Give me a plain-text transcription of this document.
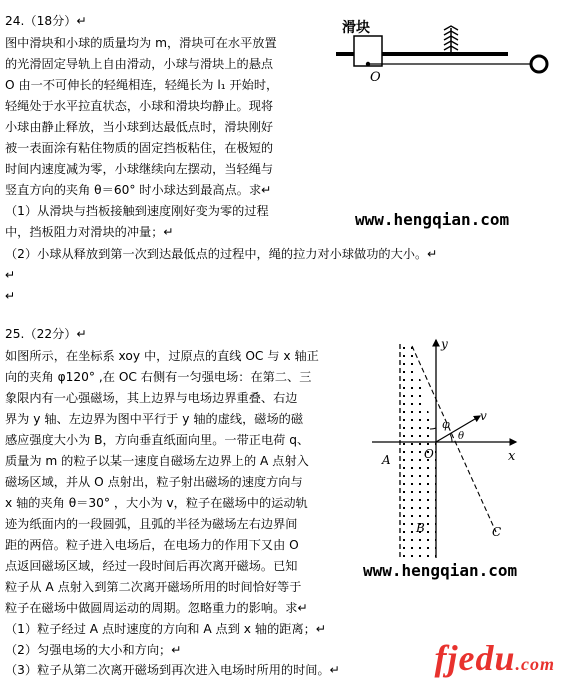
24.（18分）↵
图中滑块和小球的质量均为 m，滑块可在水平放置
的光滑固定导轨上自由滑动，小球与滑块上的悬点
O 由一不可伸长的轻绳相连，轻绳长为 l₁ 开始时，
轻绳处于水平拉直状态，小球和滑块均静止。现将
小球由静止释放，当小球到达最低点时，滑块刚好
被一表面涂有粘住物质的固定挡板粘住，在极短的
时间内速度减为零，小球继续向左摆动，当轻绳与
竖直方向的夹角 θ＝60° 时小球达到最高点。求↵
（1）从滑块与挡板接触到速度刚好变为零的过程
中，挡板阻力对滑块的冲量；↵
（2）小球从释放到第一次到达最低点的过程中，绳的拉力对小球做功的大小。↵
↵
↵
滑块
O
www.hengqian.com
25.（22分）↵
如图所示，在坐标系 xoy 中，过原点的直线 OC 与 x 轴正
向的夹角 φ120° ,在 OC 右侧有一匀强电场：在第二、三
象限内有一心强磁场，其上边界与电场边界重叠、右边
界为 y 轴、左边界为图中平行于 y 轴的虚线，磁场的磁
感应强度大小为 B，方向垂直纸面向里。一带正电荷 q、
质量为 m 的粒子以某一速度自磁场左边界上的 A 点射入
磁场区域，并从 O 点射出，粒子射出磁场的速度方向与
x 轴的夹角 θ＝30° ，大小为 v，粒子在磁场中的运动轨
迹为纸面内的一段圆弧，且弧的半径为磁场左右边界间
距的两倍。粒子进入电场后，在电场力的作用下又由 O
点返回磁场区域，经过一段时间后再次离开磁场。已知
粒子从 A 点射入到第二次离开磁场所用的时间恰好等于
粒子在磁场中做圆周运动的周期。忽略重力的影响。求↵
（1）粒子经过 A 点时速度的方向和 A 点到 x 轴的距离；↵
（2）匀强电场的大小和方向；↵
（3）粒子从第二次离开磁场到再次进入电场时所用的时间。↵
y
x
O
A
B	C
v
φ
θ
www.hengqian.com
fjedu.com
